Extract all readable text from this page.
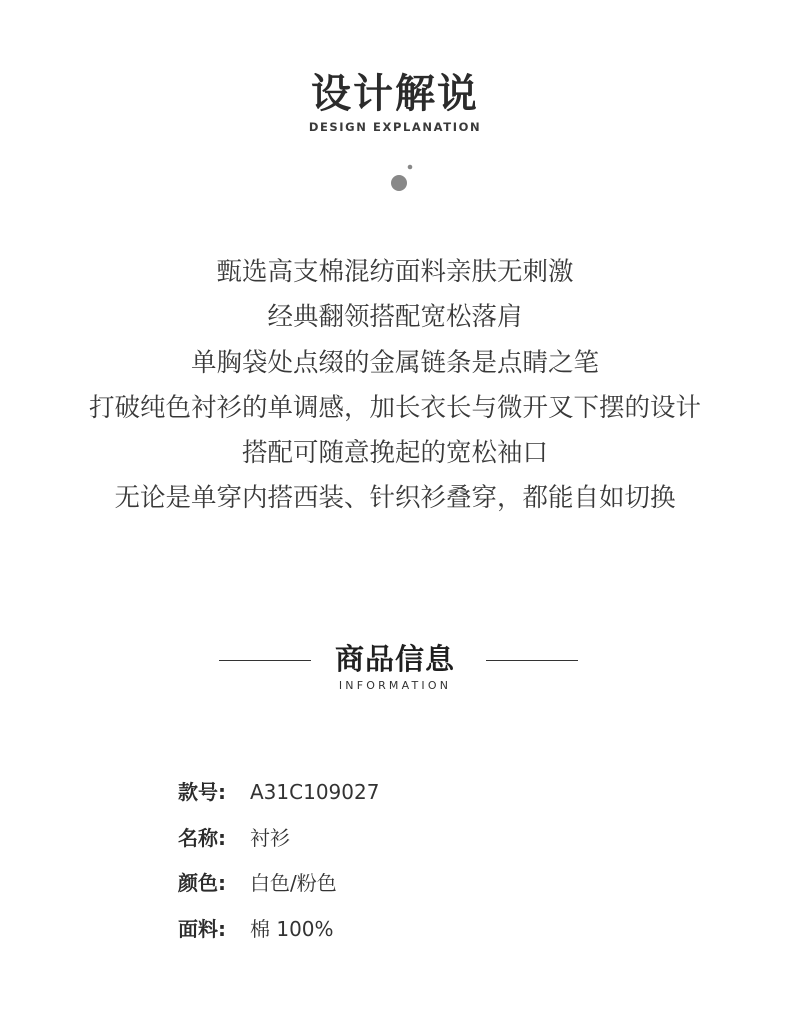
设计解说
DESIGN EXPLANATION
甄选高支棉混纺面料亲肤无刺激
经典翻领搭配宽松落肩
单胸袋处点缀的金属链条是点睛之笔
打破纯色衬衫的单调感，加长衣长与微开叉下摆的设计
搭配可随意挽起的宽松袖口
无论是单穿内搭西装、针织衫叠穿，都能自如切换
商品信息
INFORMATION
款号: A31C109027
名称: 衬衫
颜色: 白色/粉色
面料: 棉 100%
